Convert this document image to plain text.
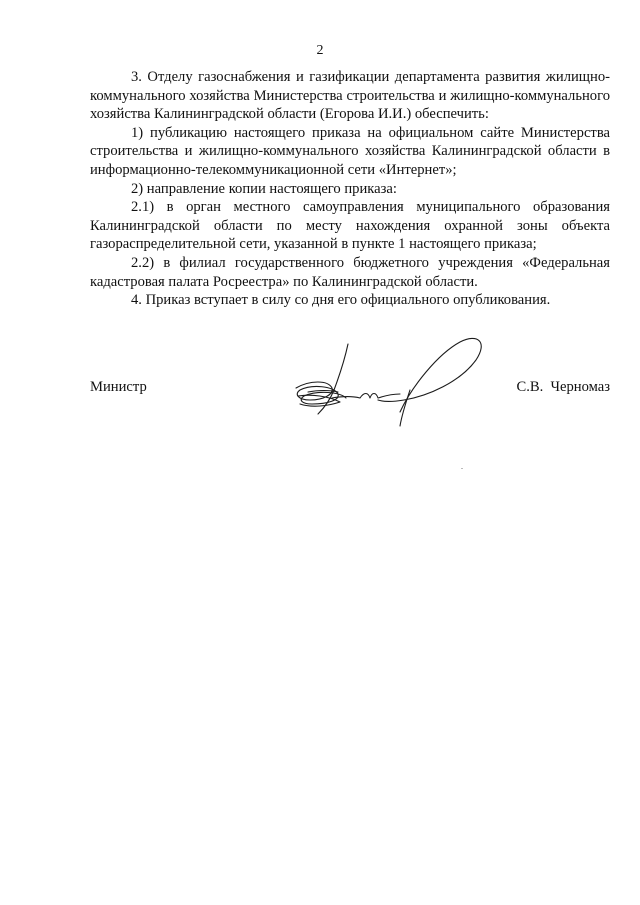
2

3. Отделу газоснабжения и газификации департамента развития жилищно-коммунального хозяйства Министерства строительства и жилищно-коммунального хозяйства Калининградской области (Егорова И.И.) обеспечить:

1) публикацию настоящего приказа на официальном сайте Министерства строительства и жилищно-коммунального хозяйства Калининградской области в информационно-телекоммуникационной сети «Интернет»;

2) направление копии настоящего приказа:

2.1) в орган местного самоуправления муниципального образования Калининградской области по месту нахождения охранной зоны объекта газораспределительной сети, указанной в пункте 1 настоящего приказа;

2.2) в филиал государственного бюджетного учреждения «Федеральная кадастровая палата Росреестра» по Калининградской области.

4. Приказ вступает в силу со дня его официального опубликования.

Министр	С.В.  Черномаз
